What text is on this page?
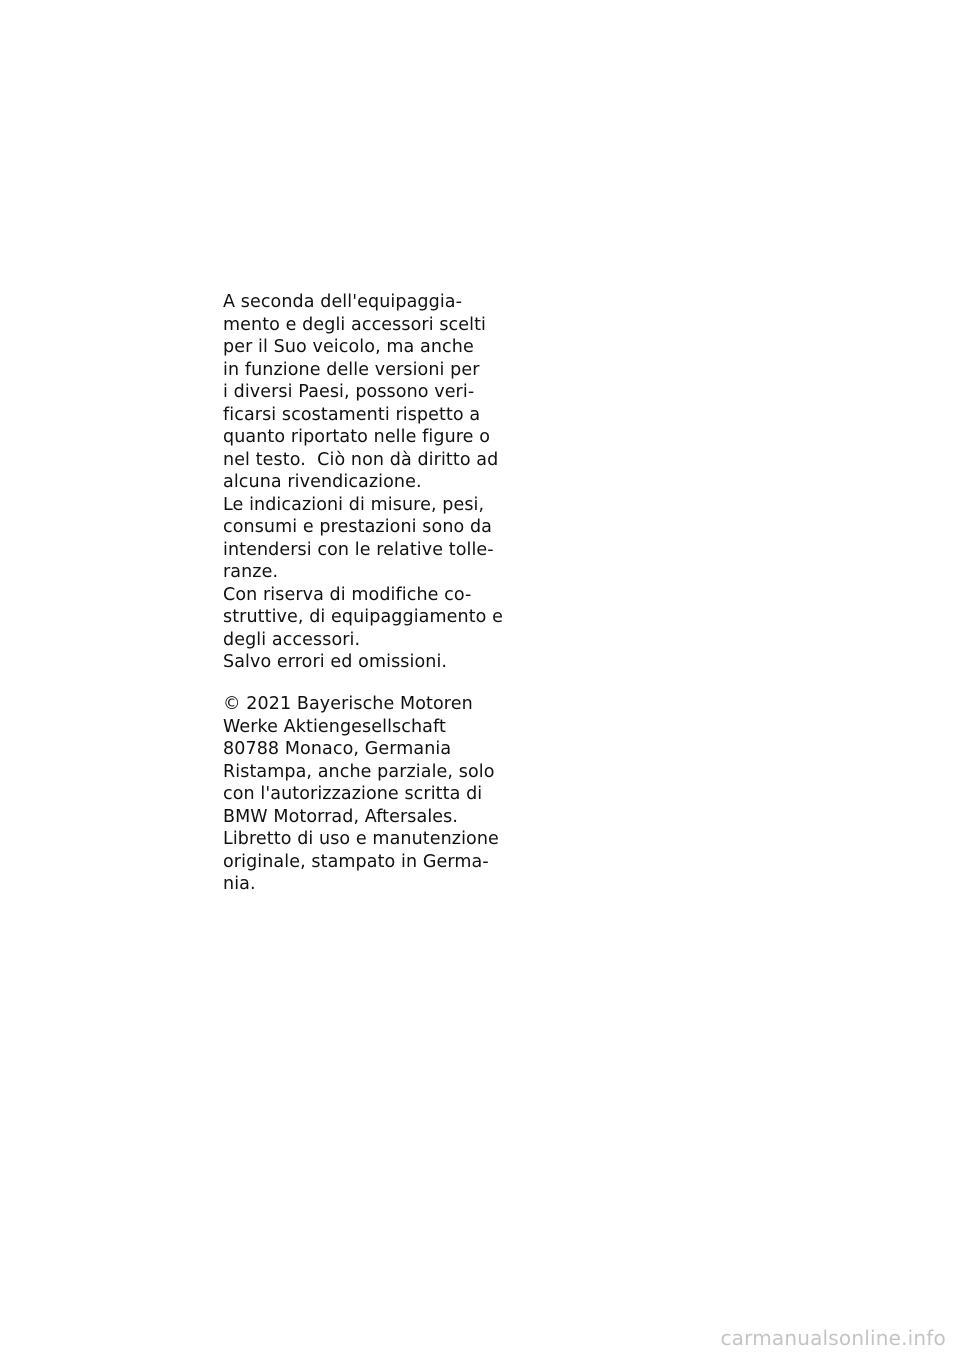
A seconda dell'equipaggia-
mento e degli accessori scelti
per il Suo veicolo, ma anche
in funzione delle versioni per
i diversi Paesi, possono veri-
ficarsi scostamenti rispetto a
quanto riportato nelle figure o
nel testo.  Ciò non dà diritto ad
alcuna rivendicazione.
Le indicazioni di misure, pesi,
consumi e prestazioni sono da
intendersi con le relative tolle-
ranze.
Con riserva di modifiche co-
struttive, di equipaggiamento e
degli accessori.
Salvo errori ed omissioni.
© 2021 Bayerische Motoren
Werke Aktiengesellschaft
80788 Monaco, Germania
Ristampa, anche parziale, solo
con l'autorizzazione scritta di
BMW Motorrad, Aftersales.
Libretto di uso e manutenzione
originale, stampato in Germa-
nia.
carmanualsonline.info
